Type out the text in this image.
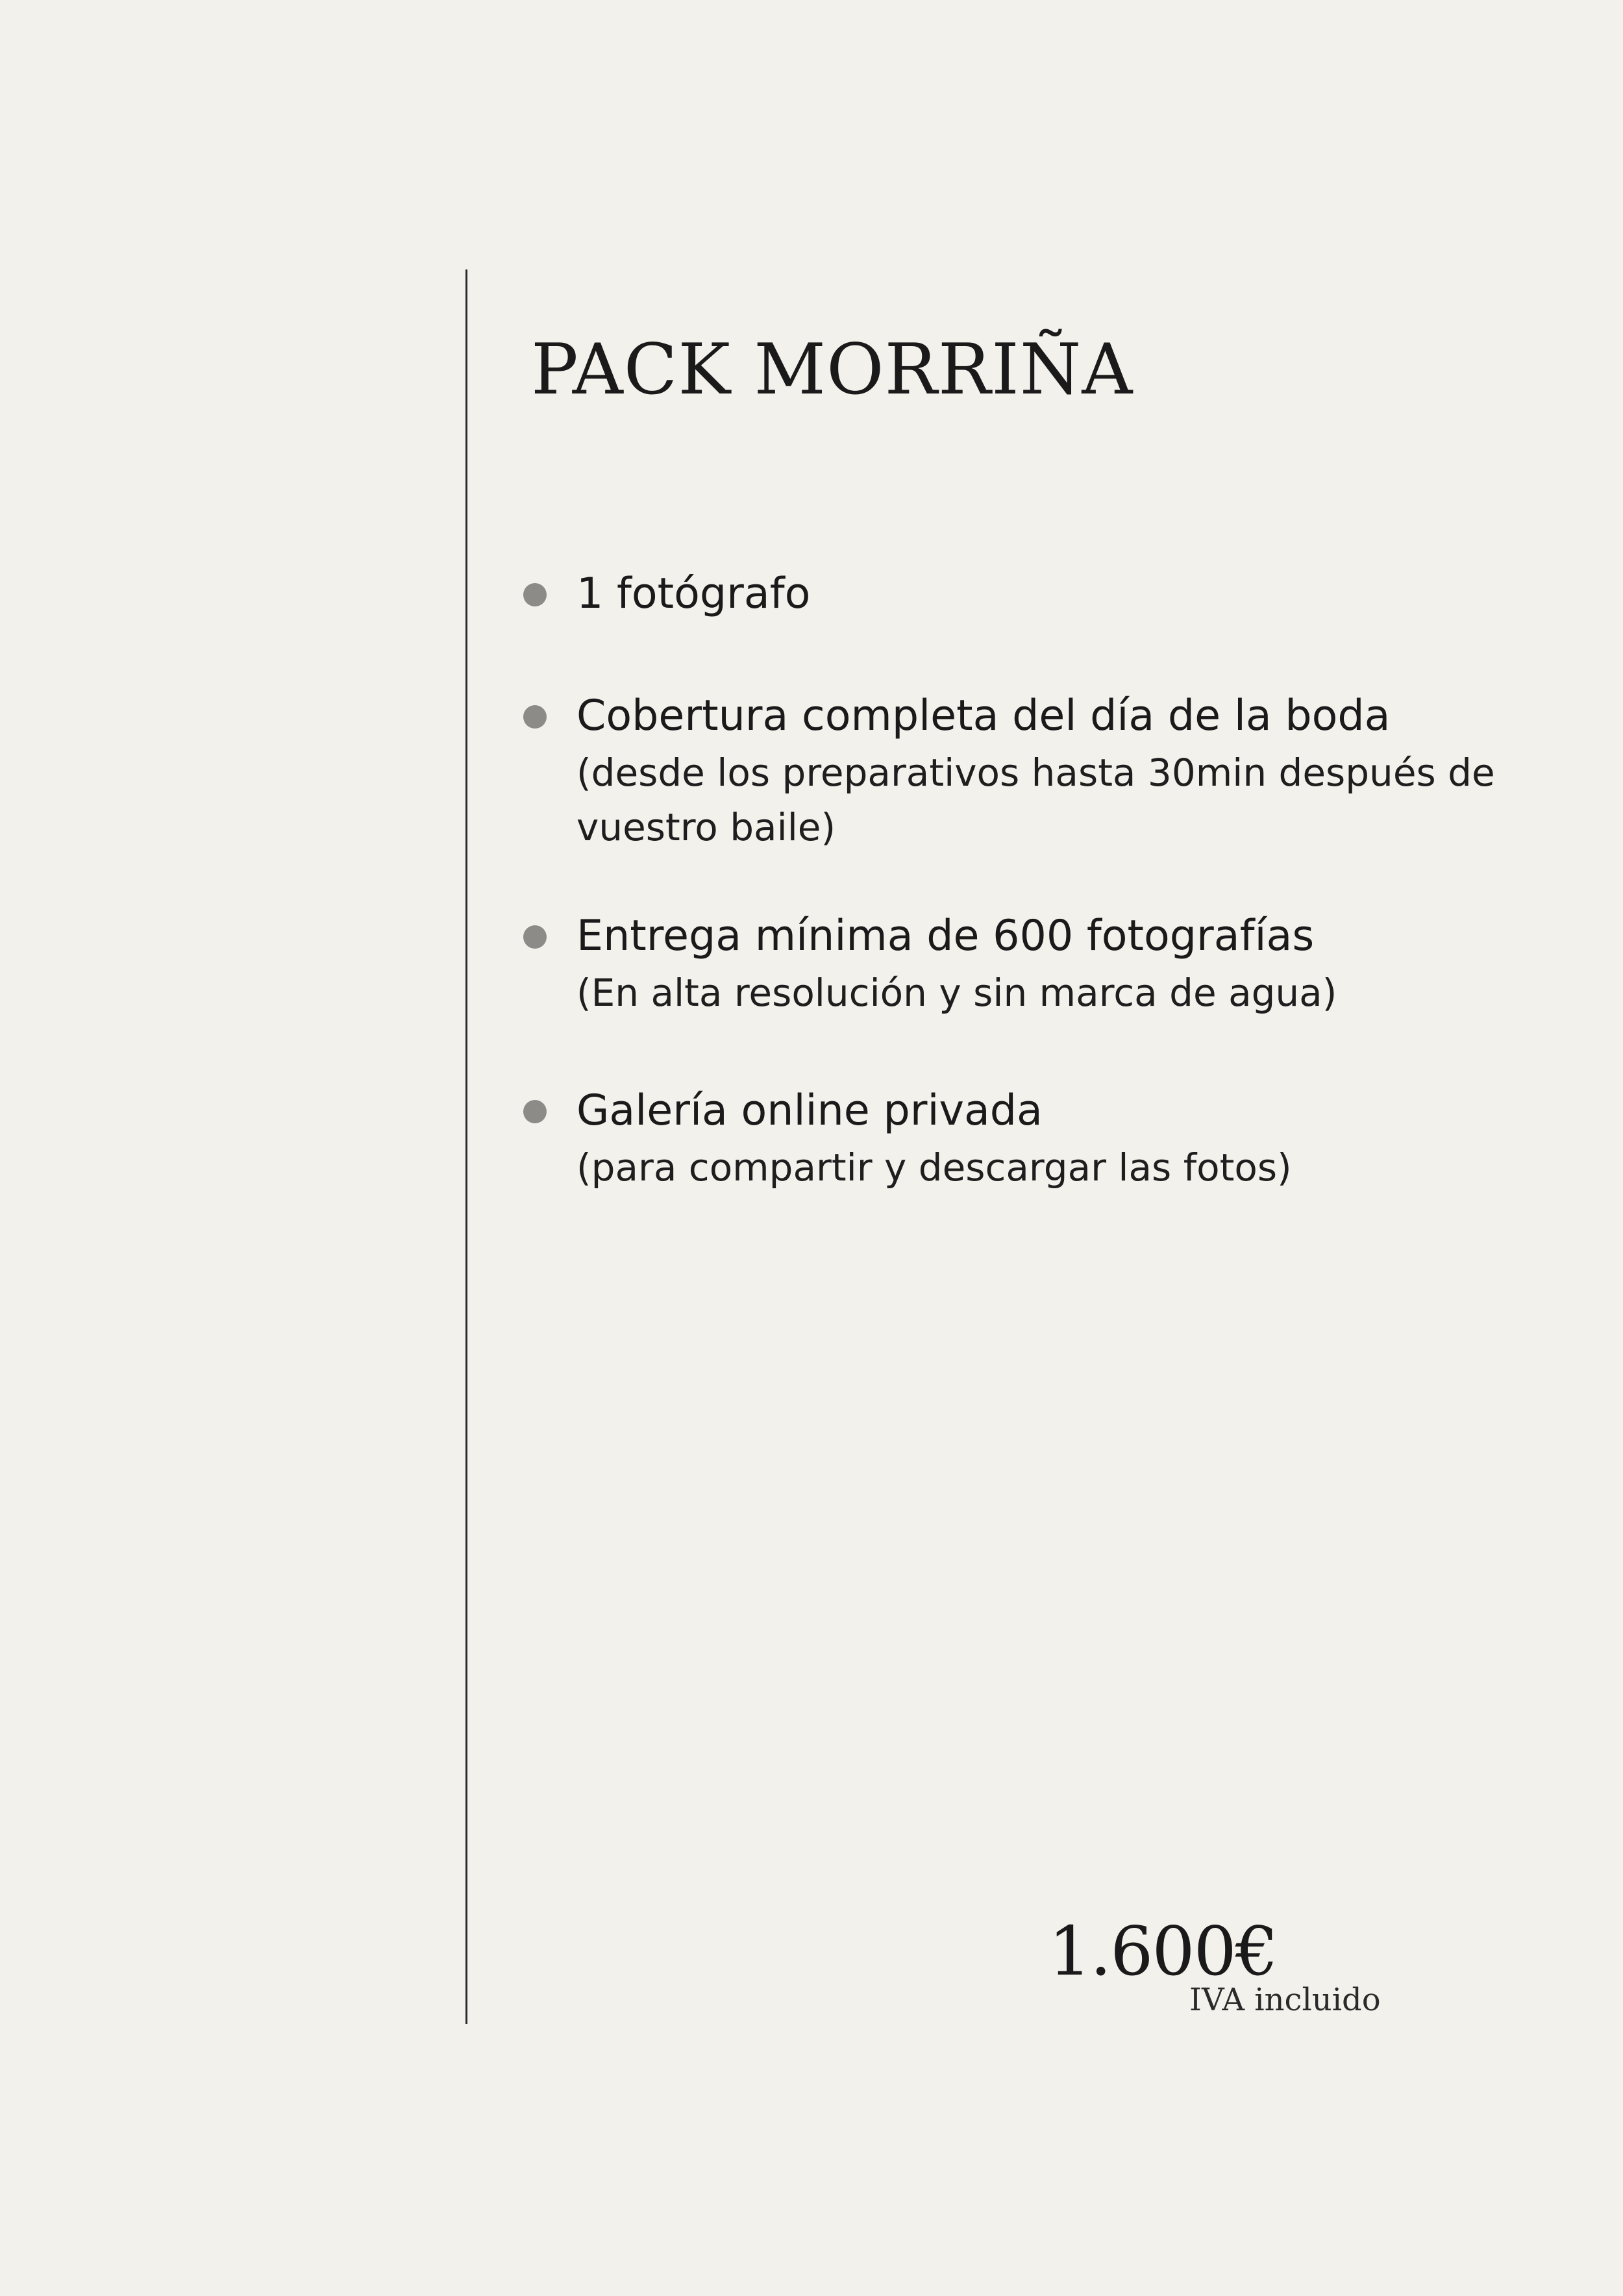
PACK MORRIÑA
1 fotógrafo
Cobertura completa del día de la boda
(desde los preparativos hasta 30min después de vuestro baile)
Entrega mínima de 600 fotografías
(En alta resolución y sin marca de agua)
Galería online privada
(para compartir y descargar las fotos)
1.600€
IVA incluido
